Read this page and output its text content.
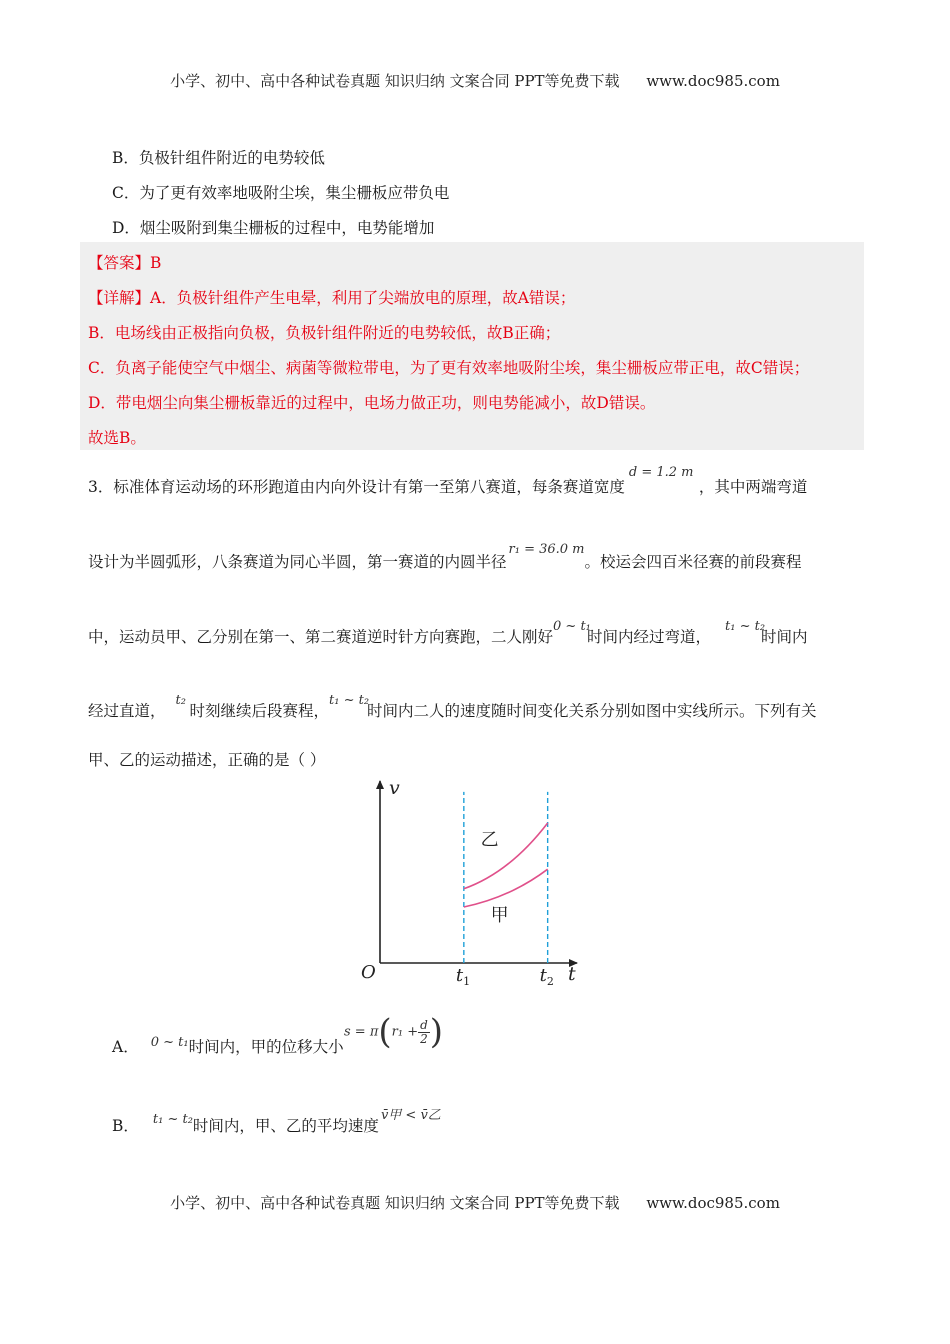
小学、初中、高中各种试卷真题 知识归纳 文案合同 PPT等免费下载 www.doc985.com
B．负极针组件附近的电势较低
C．为了更有效率地吸附尘埃，集尘栅板应带负电
D．烟尘吸附到集尘栅板的过程中，电势能增加
【答案】B
【详解】A．负极针组件产生电晕，利用了尖端放电的原理，故A错误；
B．电场线由正极指向负极，负极针组件附近的电势较低，故B正确；
C．负离子能使空气中烟尘、病菌等微粒带电，为了更有效率地吸附尘埃，集尘栅板应带正电，故C错误；
D．带电烟尘向集尘栅板靠近的过程中，电场力做正功，则电势能减小，故D错误。
故选B。
3．标准体育运动场的环形跑道由内向外设计有第一至第八赛道，每条赛道宽度d = 1.2 m，其中两端弯道
设计为半圆弧形，八条赛道为同心半圆，第一赛道的内圆半径r₁ = 36.0 m。校运会四百米径赛的前段赛程
中，运动员甲、乙分别在第一、第二赛道逆时针方向赛跑，二人刚好0 ~ t₁时间内经过弯道，t₁ ~ t₂时间内
经过直道，t₂时刻继续后段赛程，t₁ ~ t₂时间内二人的速度随时间变化关系分别如图中实线所示。下列有关
甲、乙的运动描述，正确的是（ ）
v
t
O	$t_1$	$t_2$
乙
甲
A． $^{0 \sim t_1}$时间内，甲的位移大小
$s = \pi(r_1 + \frac{d}{2}$ )
B． $^{t_1 \sim t_2}$时间内，甲、乙的平均速度$^{v̄甲 < v̄乙}$
小学、初中、高中各种试卷真题 知识归纳 文案合同 PPT等免费下载 www.doc985.com
